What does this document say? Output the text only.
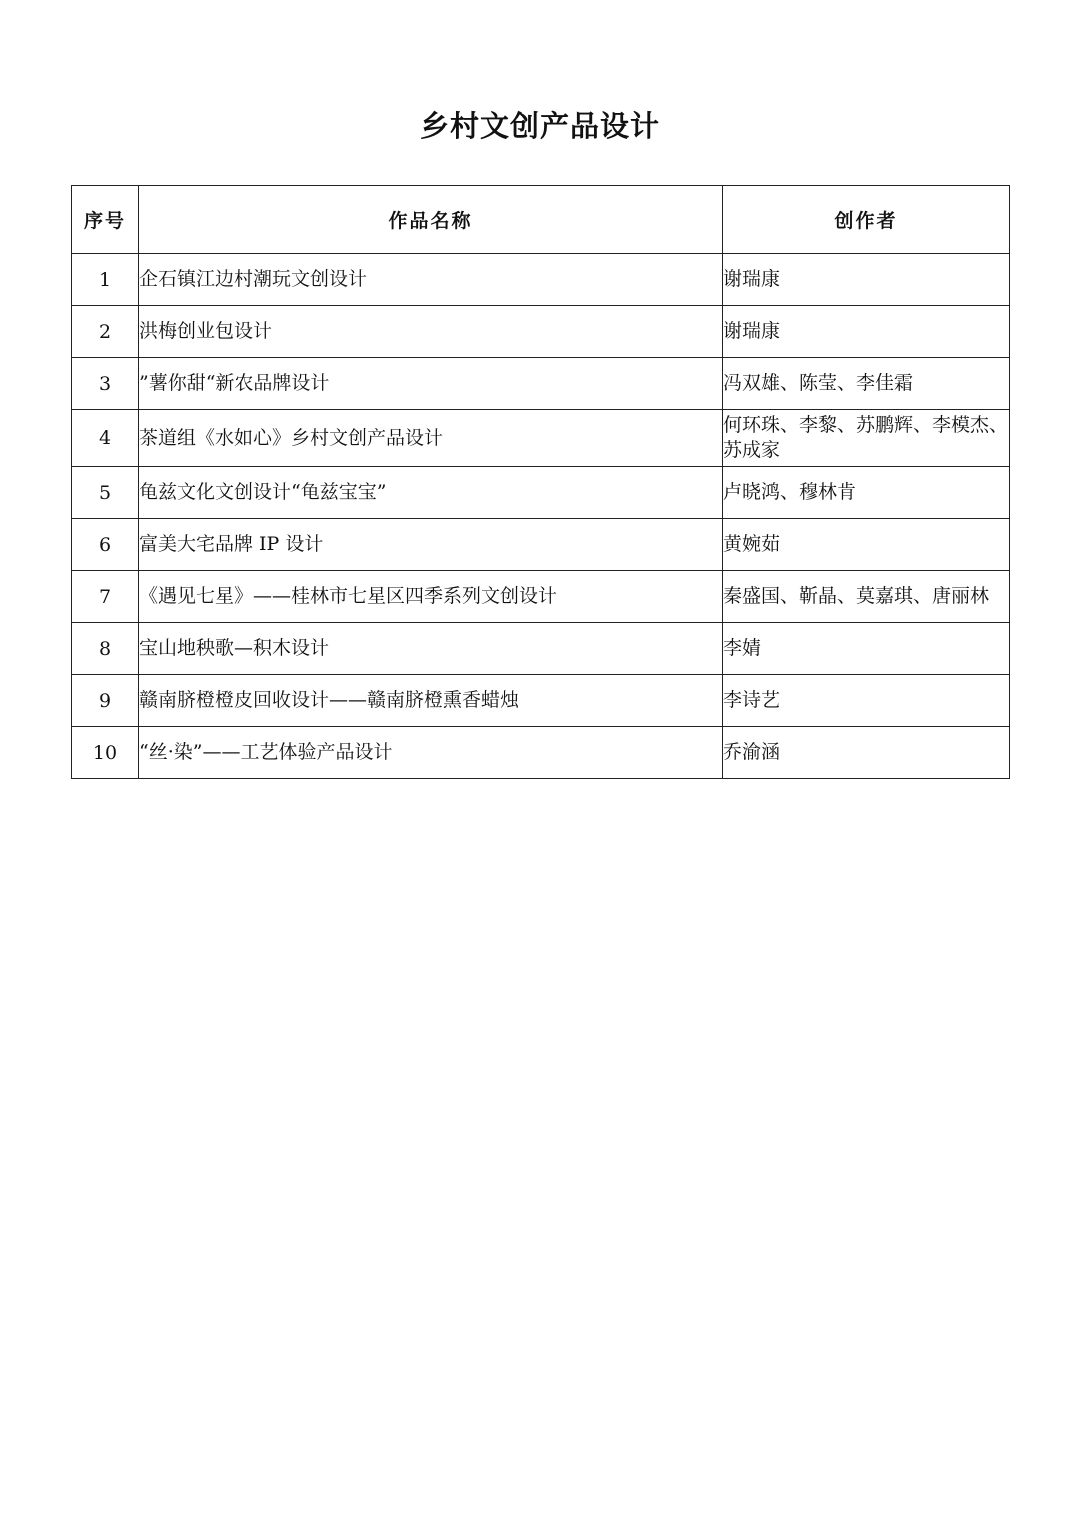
乡村文创产品设计
序号	作品名称	创作者
1	企石镇江边村潮玩文创设计	谢瑞康
2	洪梅创业包设计	谢瑞康
3	”薯你甜“新农品牌设计	冯双雄、陈莹、李佳霜
4	茶道组《水如心》乡村文创产品设计	何环珠、李黎、苏鹏辉、李模杰、苏成家
5	龟兹文化文创设计“龟兹宝宝”	卢晓鸿、穆林肯
6	富美大宅品牌 IP 设计	黄婉茹
7	《遇见七星》——桂林市七星区四季系列文创设计	秦盛国、靳晶、莫嘉琪、唐丽林
8	宝山地秧歌—积木设计	李婧
9	赣南脐橙橙皮回收设计——赣南脐橙熏香蜡烛	李诗艺
10	“丝·染”——工艺体验产品设计	乔渝涵
